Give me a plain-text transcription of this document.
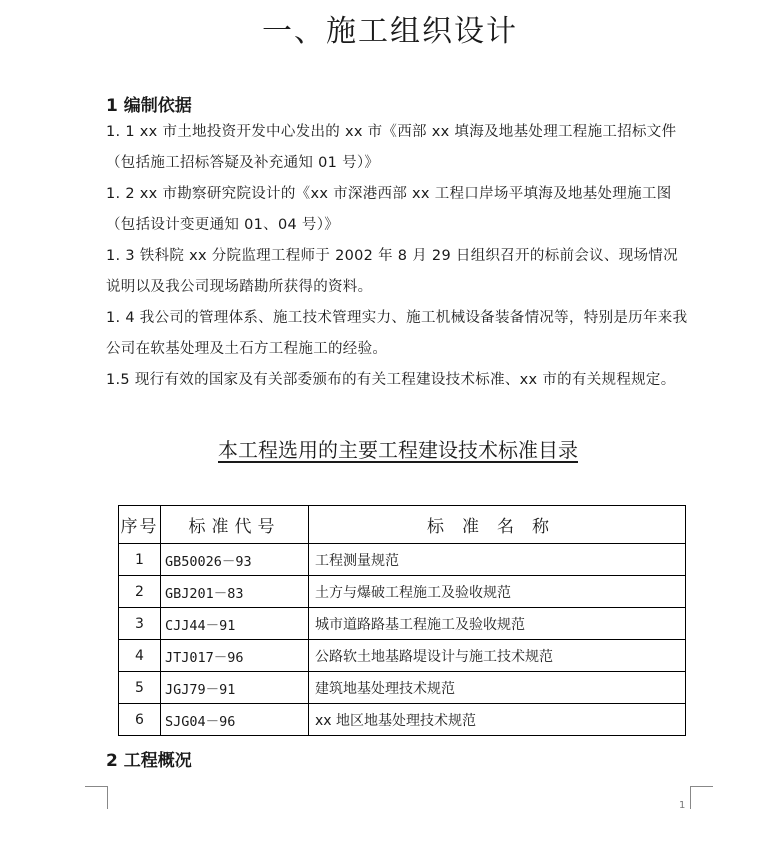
一、施工组织设计
1 编制依据
1. 1 xx 市土地投资开发中心发出的 xx 市《西部 xx 填海及地基处理工程施工招标文件（包括施工招标答疑及补充通知 01 号）》
1. 2 xx 市勘察研究院设计的《xx 市深港西部 xx 工程口岸场平填海及地基处理施工图（包括设计变更通知 01、04 号）》
1. 3 铁科院 xx 分院监理工程师于 2002 年 8 月 29 日组织召开的标前会议、现场情况说明以及我公司现场踏勘所获得的资料。
1. 4 我公司的管理体系、施工技术管理实力、施工机械设备装备情况等，特别是历年来我公司在软基处理及土石方工程施工的经验。
1.5 现行有效的国家及有关部委颁布的有关工程建设技术标准、xx 市的有关规程规定。
本工程选用的主要工程建设技术标准目录
序号	标准代号	标准名称
1	GB50026－93	工程测量规范
2	GBJ201－83	土方与爆破工程施工及验收规范
3	CJJ44－91	城市道路路基工程施工及验收规范
4	JTJ017－96	公路软土地基路堤设计与施工技术规范
5	JGJ79－91	建筑地基处理技术规范
6	SJG04－96	xx 地区地基处理技术规范
2 工程概况
1
